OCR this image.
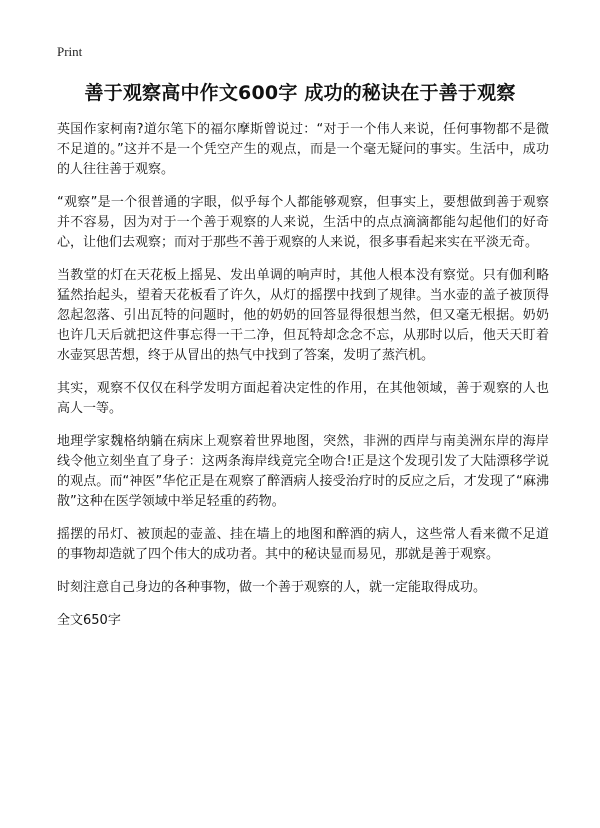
Print
善于观察高中作文600字 成功的秘诀在于善于观察

英国作家柯南?道尔笔下的福尔摩斯曾说过：“对于一个伟人来说，任何事物都不是微不足道的。”这并不是一个凭空产生的观点，而是一个毫无疑问的事实。生活中，成功的人往往善于观察。

“观察”是一个很普通的字眼，似乎每个人都能够观察，但事实上，要想做到善于观察并不容易，因为对于一个善于观察的人来说，生活中的点点滴滴都能勾起他们的好奇心，让他们去观察；而对于那些不善于观察的人来说，很多事看起来实在平淡无奇。

当教堂的灯在天花板上摇晃、发出单调的响声时，其他人根本没有察觉。只有伽利略猛然抬起头，望着天花板看了许久，从灯的摇摆中找到了规律。当水壶的盖子被顶得忽起忽落、引出瓦特的问题时，他的奶奶的回答显得很想当然，但又毫无根据。奶奶也许几天后就把这件事忘得一干二净，但瓦特却念念不忘，从那时以后，他天天盯着水壶冥思苦想，终于从冒出的热气中找到了答案，发明了蒸汽机。

其实，观察不仅仅在科学发明方面起着决定性的作用，在其他领域，善于观察的人也高人一等。

地理学家魏格纳躺在病床上观察着世界地图，突然，非洲的西岸与南美洲东岸的海岸线令他立刻坐直了身子：这两条海岸线竟完全吻合!正是这个发现引发了大陆漂移学说的观点。而“神医”华佗正是在观察了醉酒病人接受治疗时的反应之后，才发现了“麻沸散”这种在医学领域中举足轻重的药物。

摇摆的吊灯、被顶起的壶盖、挂在墙上的地图和醉酒的病人，这些常人看来微不足道的事物却造就了四个伟大的成功者。其中的秘诀显而易见，那就是善于观察。

时刻注意自己身边的各种事物，做一个善于观察的人，就一定能取得成功。

全文650字
